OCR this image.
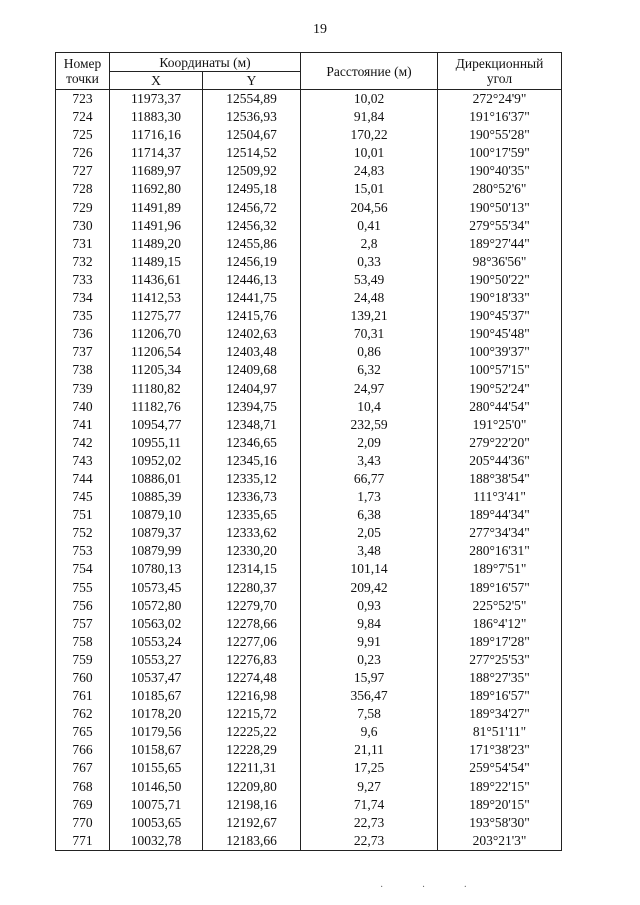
19
Номер точки	Координаты (м)		Расстояние (м)	Дирекционный угол
	X	Y		
723	11973,37	12554,89	10,02	272°24'9"
724	11883,30	12536,93	91,84	191°16'37"
725	11716,16	12504,67	170,22	190°55'28"
726	11714,37	12514,52	10,01	100°17'59"
727	11689,97	12509,92	24,83	190°40'35"
728	11692,80	12495,18	15,01	280°52'6"
729	11491,89	12456,72	204,56	190°50'13"
730	11491,96	12456,32	0,41	279°55'34"
731	11489,20	12455,86	2,8	189°27'44"
732	11489,15	12456,19	0,33	98°36'56"
733	11436,61	12446,13	53,49	190°50'22"
734	11412,53	12441,75	24,48	190°18'33"
735	11275,77	12415,76	139,21	190°45'37"
736	11206,70	12402,63	70,31	190°45'48"
737	11206,54	12403,48	0,86	100°39'37"
738	11205,34	12409,68	6,32	100°57'15"
739	11180,82	12404,97	24,97	190°52'24"
740	11182,76	12394,75	10,4	280°44'54"
741	10954,77	12348,71	232,59	191°25'0"
742	10955,11	12346,65	2,09	279°22'20"
743	10952,02	12345,16	3,43	205°44'36"
744	10886,01	12335,12	66,77	188°38'54"
745	10885,39	12336,73	1,73	111°3'41"
751	10879,10	12335,65	6,38	189°44'34"
752	10879,37	12333,62	2,05	277°34'34"
753	10879,99	12330,20	3,48	280°16'31"
754	10780,13	12314,15	101,14	189°7'51"
755	10573,45	12280,37	209,42	189°16'57"
756	10572,80	12279,70	0,93	225°52'5"
757	10563,02	12278,66	9,84	186°4'12"
758	10553,24	12277,06	9,91	189°17'28"
759	10553,27	12276,83	0,23	277°25'53"
760	10537,47	12274,48	15,97	188°27'35"
761	10185,67	12216,98	356,47	189°16'57"
762	10178,20	12215,72	7,58	189°34'27"
765	10179,56	12225,22	9,6	81°51'11"
766	10158,67	12228,29	21,11	171°38'23"
767	10155,65	12211,31	17,25	259°54'54"
768	10146,50	12209,80	9,27	189°22'15"
769	10075,71	12198,16	71,74	189°20'15"
770	10053,65	12192,67	22,73	193°58'30"
771	10032,78	12183,66	22,73	203°21'3"
· · ·
